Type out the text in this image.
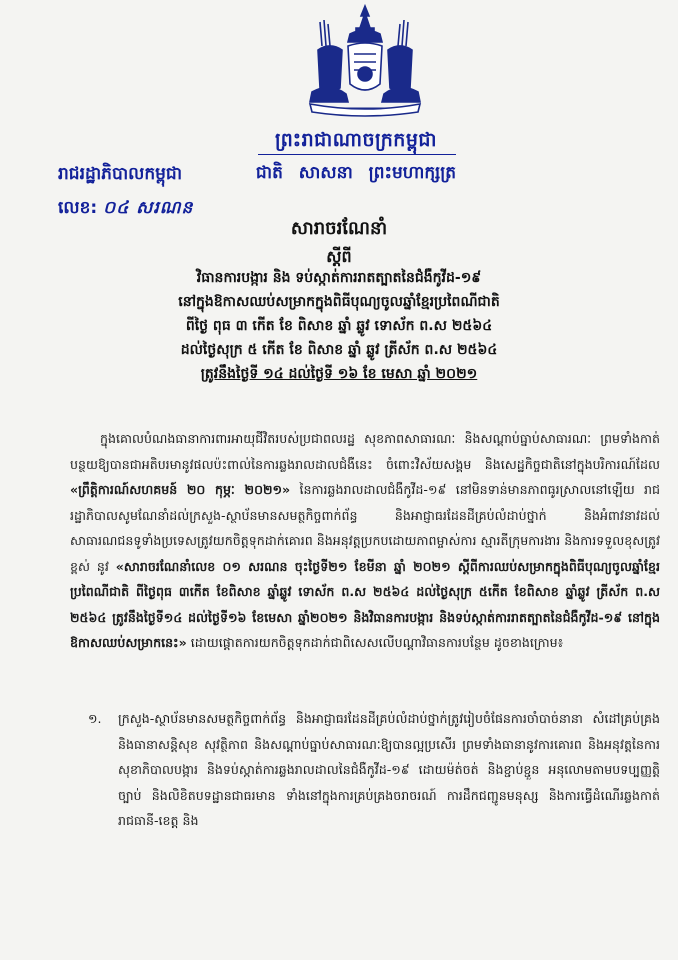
ព្រះរាជាណាចក្រកម្ពុជា
ជាតិ សាសនា ព្រះមហាក្សត្រ
រាជរដ្ឋាភិបាលកម្ពុជា
លេខ: ០៤ សរណន
សារាចរណែនាំ
ស្តីពី
វិធានការបង្ការ និង ទប់ស្កាត់ការរាតត្បាតនៃជំងឺកូវីដ-១៩
នៅក្នុងឱកាសឈប់សម្រាកក្នុងពិធីបុណ្យចូលឆ្នាំខ្មែរប្រពៃណីជាតិ
ពីថ្ងៃ ពុធ ៣ កើត ខែ ពិសាខ ឆ្នាំ ឆ្លូវ ទោស័ក ព.ស ២៥៦៤
ដល់ថ្ងៃសុក្រ ៥ កើត ខែ ពិសាខ ឆ្នាំ ឆ្លូវ ត្រីស័ក ព.ស ២៥៦៤
ត្រូវនឹងថ្ងៃទី ១៤ ដល់ថ្ងៃទី ១៦ ខែ មេសា ឆ្នាំ ២០២១
ក្នុងគោលបំណងធានាការពារអាយុជីវិតរបស់ប្រជាពលរដ្ឋ សុខភាពសាធារណៈ និងសណ្តាប់ធ្នាប់សាធារណៈ ព្រមទាំងកាត់បន្ថយឱ្យបានជាអតិបរមានូវផលប៉ះពាល់នៃការឆ្លងរាលដាលជំងឺនេះ ចំពោះវិស័យសង្គម និងសេដ្ឋកិច្ចជាតិនៅក្នុងបរិការណ៍ដែល «ព្រឹត្តិការណ៍សហគមន៍ ២០ កុម្ភៈ ២០២១» នៃការឆ្លងរាលដាលជំងឺកូវីដ-១៩ នៅមិនទាន់មានភាពធូរស្រាលនៅឡើយ រាជរដ្ឋាភិបាលសូមណែនាំដល់ក្រសួង-ស្ថាប័នមានសមត្ថកិច្ចពាក់ព័ន្ធ និងអាជ្ញាធរដែនដីគ្រប់លំដាប់ថ្នាក់ និងអំពាវនាវដល់សាធារណជនទូទាំងប្រទេសត្រូវយកចិត្តទុកដាក់គោរព និងអនុវត្តប្រកបដោយភាពម្ចាស់ការ ស្មារតីក្រុមការងារ និងការទទួលខុសត្រូវខ្ពស់ នូវ «សារាចរណែនាំលេខ ០១ សរណន ចុះថ្ងៃទី២១ ខែមីនា ឆ្នាំ ២០២១ ស្តីពីការឈប់សម្រាកក្នុងពិធីបុណ្យចូលឆ្នាំខ្មែរប្រពៃណីជាតិ ពីថ្ងៃពុធ ៣កើត ខែពិសាខ ឆ្នាំឆ្លូវ ទោស័ក ព.ស ២៥៦៤ ដល់ថ្ងៃសុក្រ ៥កើត ខែពិសាខ ឆ្នាំឆ្លូវ ត្រីស័ក ព.ស ២៥៦៤ ត្រូវនឹងថ្ងៃទី១៤ ដល់ថ្ងៃទី១៦ ខែមេសា ឆ្នាំ២០២១ និងវិធានការបង្ការ និងទប់ស្កាត់ការរាតត្បាតនៃជំងឺកូវីដ-១៩ នៅក្នុងឱកាសឈប់សម្រាកនេះ» ដោយផ្តោតការយកចិត្តទុកដាក់ជាពិសេសលើបណ្តាវិធានការបន្ថែម ដូចខាងក្រោម៖
១.	ក្រសួង-ស្ថាប័នមានសមត្ថកិច្ចពាក់ព័ន្ធ និងអាជ្ញាធរដែនដីគ្រប់លំដាប់ថ្នាក់ត្រូវរៀបចំផែនការចាំបាច់នានា សំដៅគ្រប់គ្រង និងធានាសន្តិសុខ សុវត្ថិភាព និងសណ្តាប់ធ្នាប់សាធារណៈឱ្យបានល្អប្រសើរ ព្រមទាំងធានានូវការគោរព និងអនុវត្តនៃការសុខាភិបាលបង្ការ និងទប់ស្កាត់ការឆ្លងរាលដាលនៃជំងឺកូវីដ-១៩ ដោយម៉ត់ចត់ និងខ្ជាប់ខ្ជួន អនុលោមតាមបទប្បញ្ញត្តិច្បាប់ និងលិខិតបទដ្ឋានជាធរមាន ទាំងនៅក្នុងការគ្រប់គ្រងចរាចរណ៍ ការដឹកជញ្ជូនមនុស្ស និងការធ្វើដំណើរឆ្លងកាត់រាជធានី-ខេត្ត និង
